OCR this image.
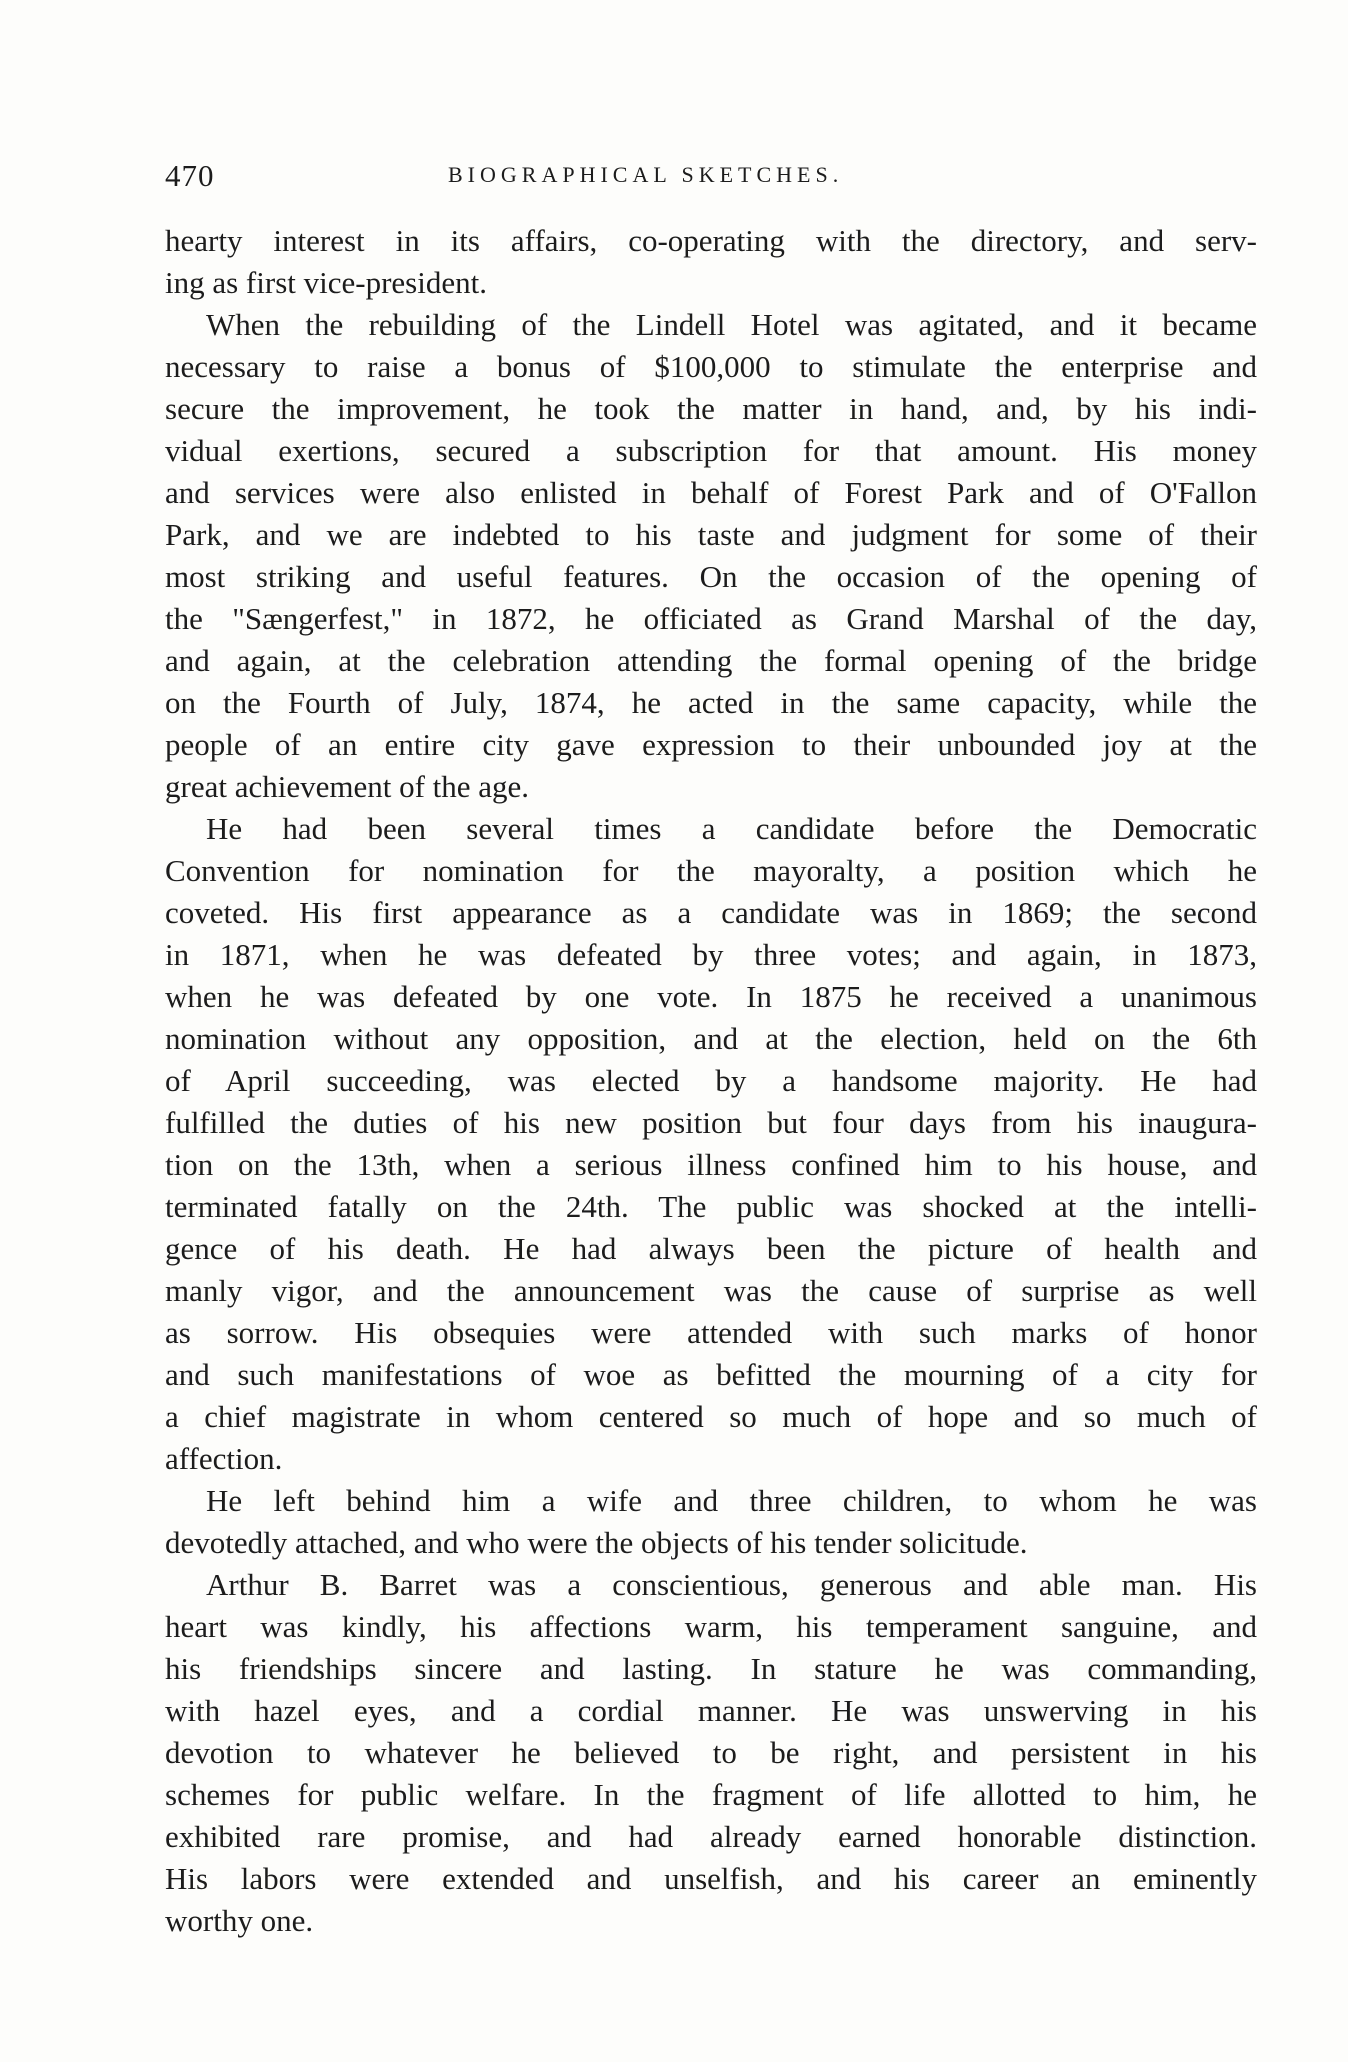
470	BIOGRAPHICAL SKETCHES.
hearty interest in its affairs, co-operating with the directory, and serv-
ing as first vice-president.
When the rebuilding of the Lindell Hotel was agitated, and it became
necessary to raise a bonus of $100,000 to stimulate the enterprise and
secure the improvement, he took the matter in hand, and, by his indi-
vidual exertions, secured a subscription for that amount. His money
and services were also enlisted in behalf of Forest Park and of O'Fallon
Park, and we are indebted to his taste and judgment for some of their
most striking and useful features. On the occasion of the opening of
the "Sængerfest," in 1872, he officiated as Grand Marshal of the day,
and again, at the celebration attending the formal opening of the bridge
on the Fourth of July, 1874, he acted in the same capacity, while the
people of an entire city gave expression to their unbounded joy at the
great achievement of the age.
He had been several times a candidate before the Democratic
Convention for nomination for the mayoralty, a position which he
coveted. His first appearance as a candidate was in 1869; the second
in 1871, when he was defeated by three votes; and again, in 1873,
when he was defeated by one vote. In 1875 he received a unanimous
nomination without any opposition, and at the election, held on the 6th
of April succeeding, was elected by a handsome majority. He had
fulfilled the duties of his new position but four days from his inaugura-
tion on the 13th, when a serious illness confined him to his house, and
terminated fatally on the 24th. The public was shocked at the intelli-
gence of his death. He had always been the picture of health and
manly vigor, and the announcement was the cause of surprise as well
as sorrow. His obsequies were attended with such marks of honor
and such manifestations of woe as befitted the mourning of a city for
a chief magistrate in whom centered so much of hope and so much of
affection.
He left behind him a wife and three children, to whom he was
devotedly attached, and who were the objects of his tender solicitude.
Arthur B. Barret was a conscientious, generous and able man. His
heart was kindly, his affections warm, his temperament sanguine, and
his friendships sincere and lasting. In stature he was commanding,
with hazel eyes, and a cordial manner. He was unswerving in his
devotion to whatever he believed to be right, and persistent in his
schemes for public welfare. In the fragment of life allotted to him, he
exhibited rare promise, and had already earned honorable distinction.
His labors were extended and unselfish, and his career an eminently
worthy one.
